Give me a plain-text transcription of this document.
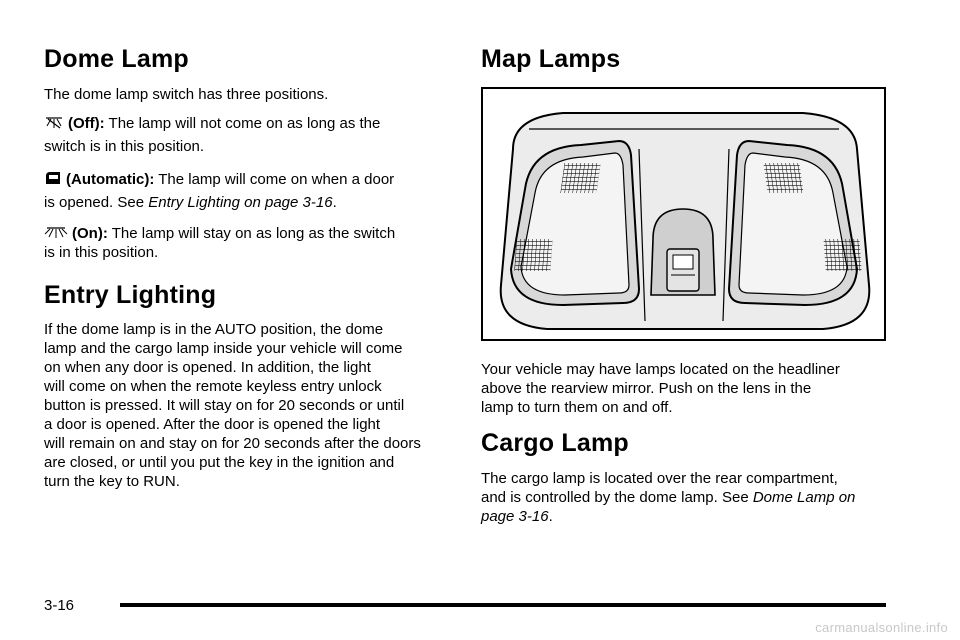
Dome Lamp

The dome lamp switch has three positions.

(Off): The lamp will not come on as long as the

switch is in this position.

(Automatic): The lamp will come on when a door

is opened. See Entry Lighting on page 3-16.

(On): The lamp will stay on as long as the switch

is in this position.

Entry Lighting

If the dome lamp is in the AUTO position, the dome

lamp and the cargo lamp inside your vehicle will come

on when any door is opened. In addition, the light

will come on when the remote keyless entry unlock

button is pressed. It will stay on for 20 seconds or until

a door is opened. After the door is opened the light

will remain on and stay on for 20 seconds after the doors

are closed, or until you put the key in the ignition and

turn the key to RUN.

Map Lamps

Your vehicle may have lamps located on the headliner

above the rearview mirror. Push on the lens in the

lamp to turn them on and off.

Cargo Lamp

The cargo lamp is located over the rear compartment,

and is controlled by the dome lamp. See Dome Lamp on

page 3-16.

3-16
carmanualsonline.info
